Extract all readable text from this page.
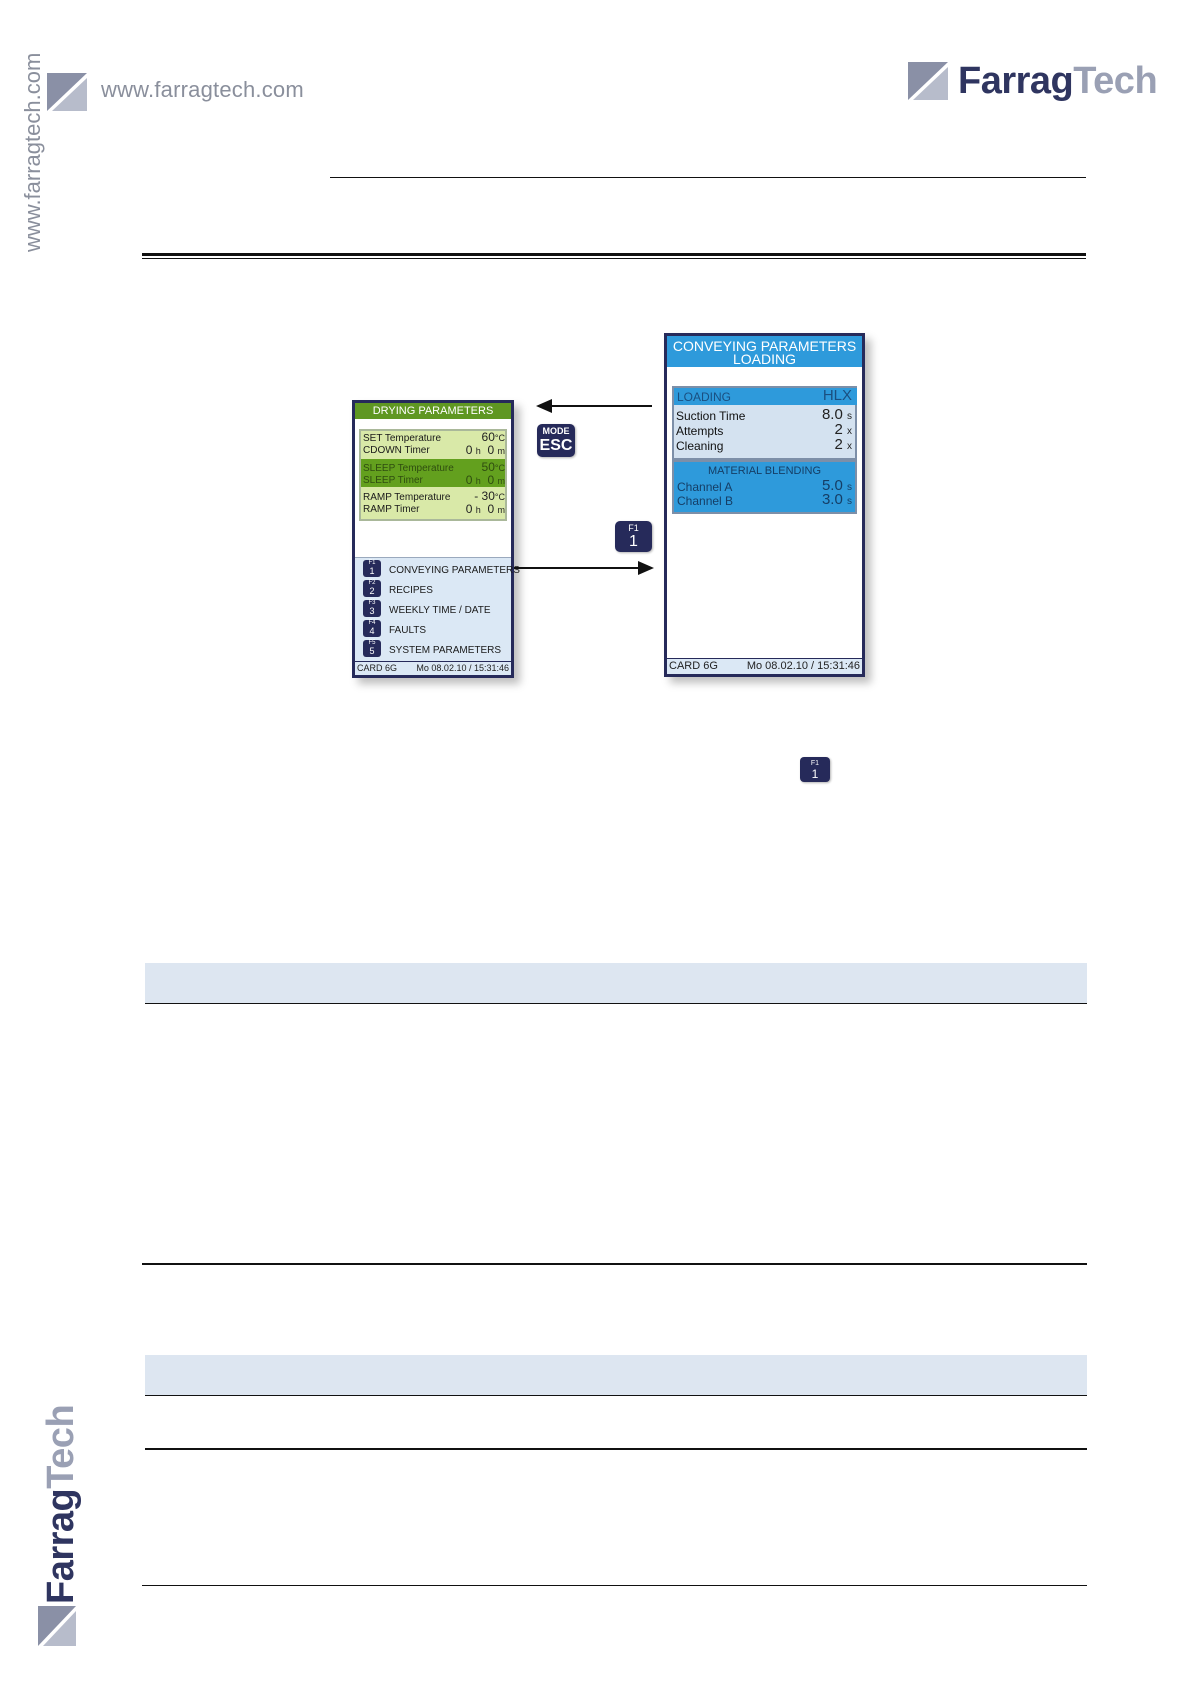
www.farragtech.com	FarragTech
www.farragtech.com
FarragTech
DRYING PARAMETERS
SET Temperature	60°C
CDOWN Timer	0 h 0 m
SLEEP Temperature 50°C
SLEEP Timer	0 h 0 m
RAMP Temperature - 30°C
RAMP Timer	0 h 0 m
F1
1	CONVEYING PARAMETERS
F2
2	RECIPES
F3
3	WEEKLY TIME / DATE
F4
4	FAULTS
F5
5	SYSTEM PARAMETERS
CARD 6G Mo 08.02.10 / 15:31:46
MODE
ESC
F1
1
CONVEYING PARAMETERS
LOADING
LOADING	HLX
Suction Time	8.0 s
Attempts	2 x
Cleaning	2 x
MATERIAL BLENDING
Channel A	5.0 s
Channel B	3.0 s
CARD 6G	Mo 08.02.10 / 15:31:46
F1
1
